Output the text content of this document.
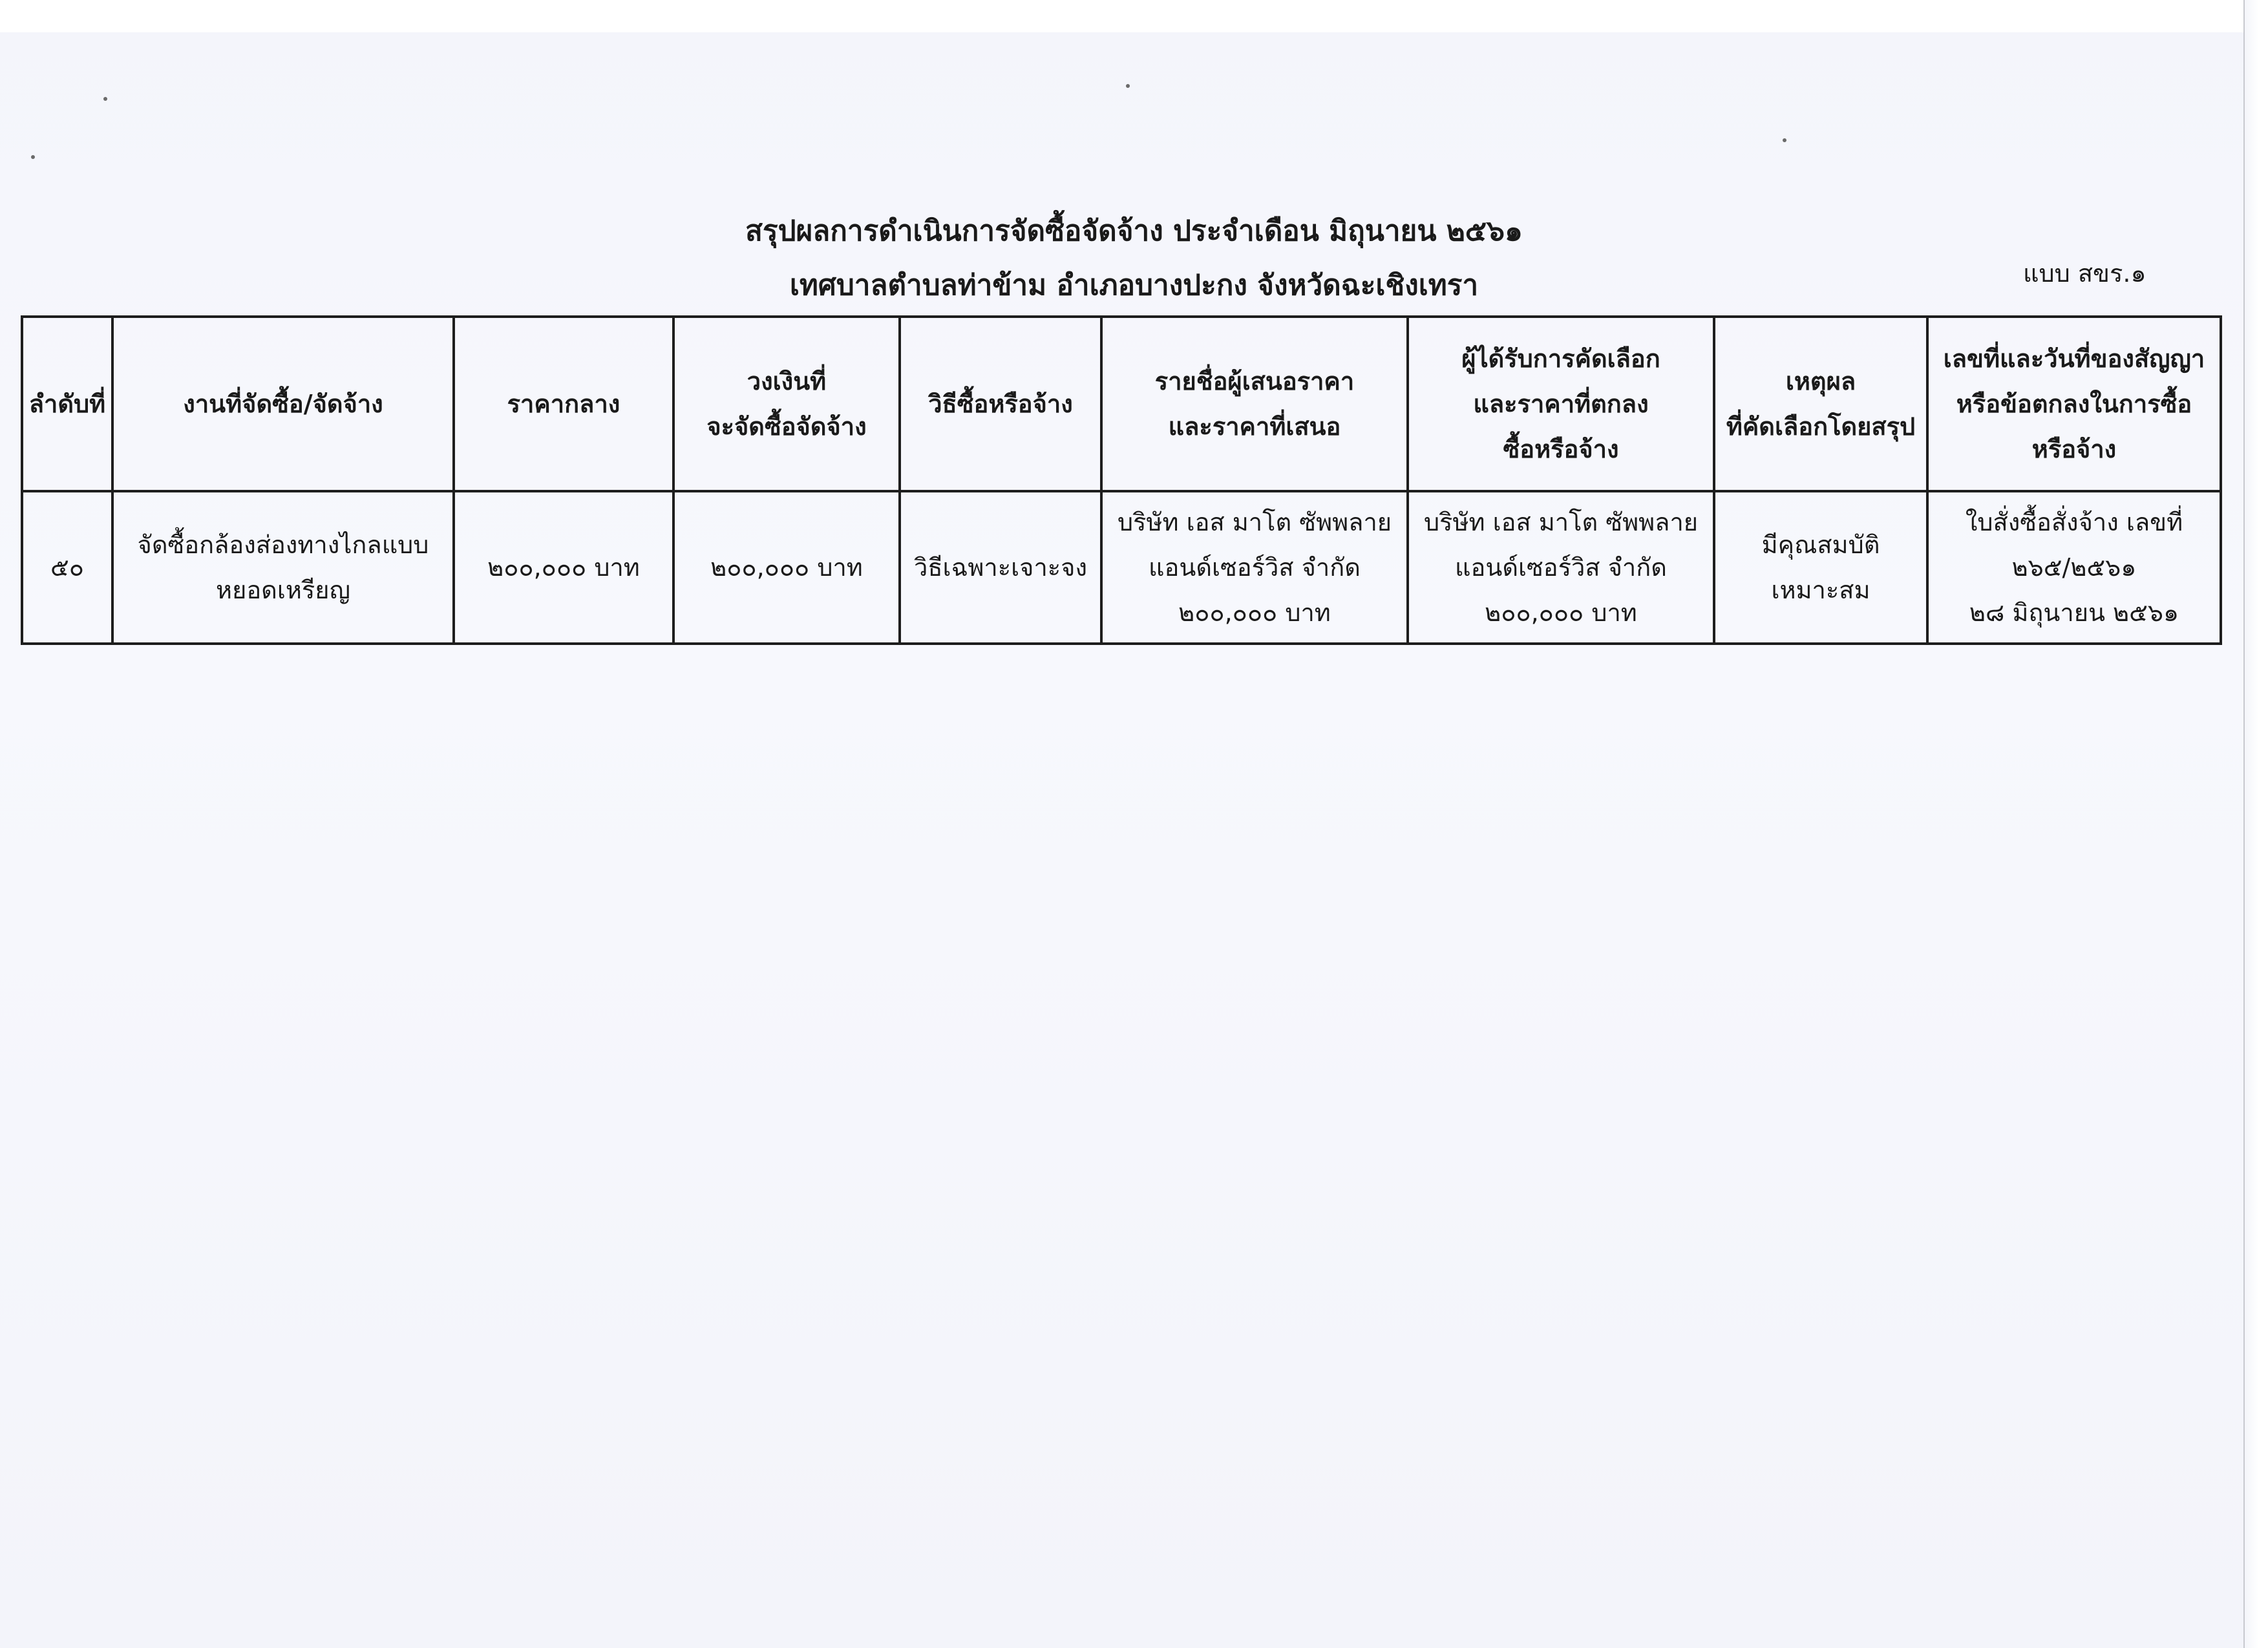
สรุปผลการดำเนินการจัดซื้อจัดจ้าง ประจำเดือน มิถุนายน ๒๕๖๑
เทศบาลตำบลท่าข้าม อำเภอบางปะกง จังหวัดฉะเชิงเทรา	แบบ สขร.๑
ลำดับที่	งานที่จัดซื้อ/จัดจ้าง	ราคากลาง	วงเงินที่
จะจัดซื้อจัดจ้าง	วิธีซื้อหรือจ้าง	รายชื่อผู้เสนอราคา
และราคาที่เสนอ	ผู้ได้รับการคัดเลือก
และราคาที่ตกลง
ซื้อหรือจ้าง	เหตุผล
ที่คัดเลือกโดยสรุป	เลขที่และวันที่ของสัญญา
หรือข้อตกลงในการซื้อ
หรือจ้าง
๕๐	จัดซื้อกล้องส่องทางไกลแบบ
หยอดเหรียญ	๒๐๐,๐๐๐ บาท	๒๐๐,๐๐๐ บาท	วิธีเฉพาะเจาะจง	บริษัท เอส มาโต ซัพพลาย
แอนด์เซอร์วิส จำกัด
๒๐๐,๐๐๐ บาท	บริษัท เอส มาโต ซัพพลาย
แอนด์เซอร์วิส จำกัด
๒๐๐,๐๐๐ บาท	มีคุณสมบัติ
เหมาะสม	ใบสั่งซื้อสั่งจ้าง เลขที่
๒๖๕/๒๕๖๑
๒๘ มิถุนายน ๒๕๖๑
